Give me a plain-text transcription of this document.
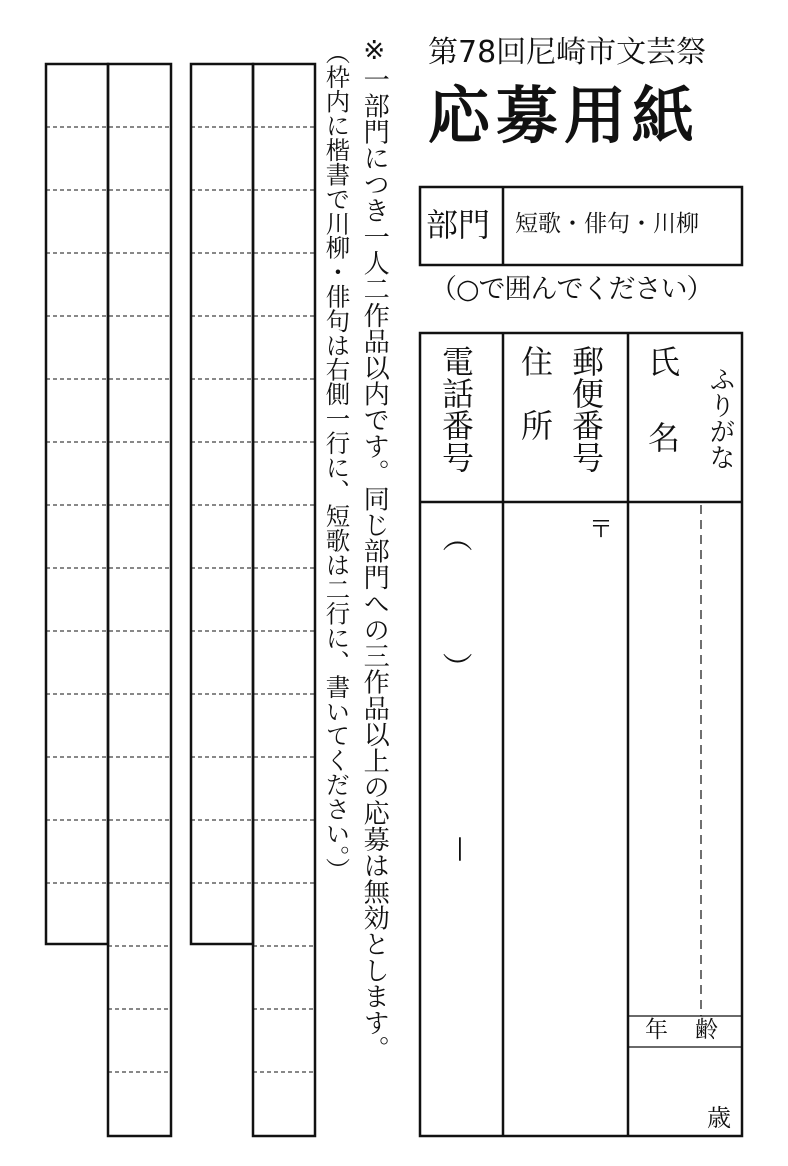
第78回尼崎市文芸祭
応募用紙
部門 短歌・俳句・川柳
（○で囲んでください）
※一部門につき一人二作品以内です。同じ部門への三作品以上の応募は無効とします。
（枠内に楷書で川柳・俳句は右側一行に、短歌は二行に、書いてください。）	電話番号 住　所 郵便番号 氏　名 ふりがな
（
）
—
〒
年　齢
歳
